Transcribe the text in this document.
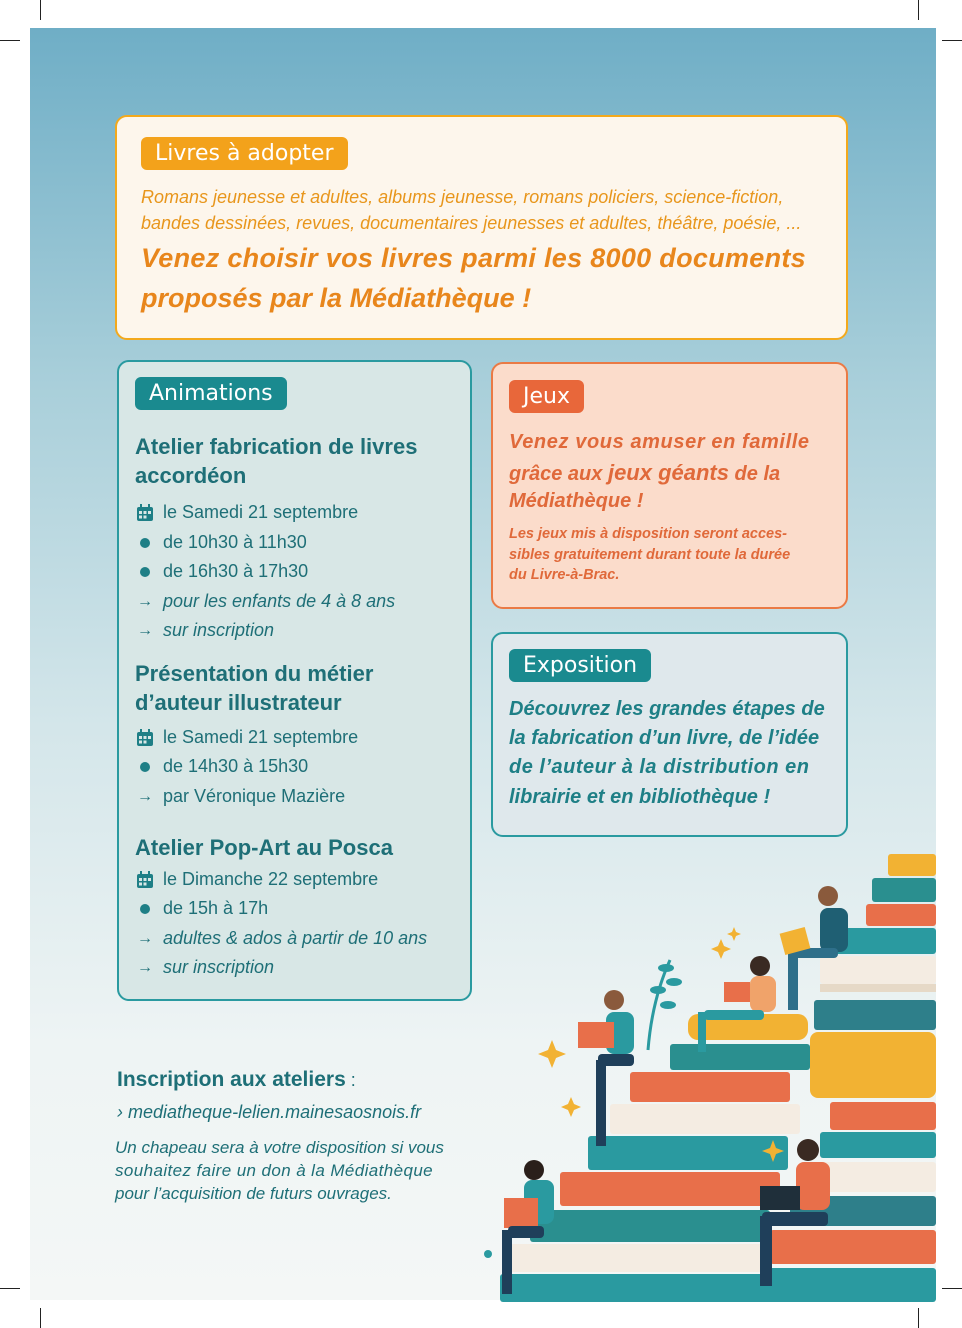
Livres à adopter
Romans jeunesse et adultes, albums jeunesse, romans policiers, science-fiction,
bandes dessinées, revues, documentaires jeunesses et adultes, théâtre, poésie, ...
Venez choisir vos livres parmi les 8000 documents
proposés par la Médiathèque !
Animations
Atelier fabrication de livres
accordéon
le Samedi 21 septembre
de 10h30 à 11h30
de 16h30 à 17h30
→ pour les enfants de 4 à 8 ans
→ sur inscription
Présentation du métier
d’auteur illustrateur
le Samedi 21 septembre
de 14h30 à 15h30
→ par Véronique Mazière
Atelier Pop-Art au Posca
le Dimanche 22 septembre
de 15h à 17h
→ adultes & ados à partir de 10 ans
→ sur inscription
Jeux
Venez vous amuser en famille
grâce aux jeux géants de la
Médiathèque !
Les jeux mis à disposition seront acces-
sibles gratuitement durant toute la durée
du Livre-à-Brac.
Exposition
Découvrez les grandes étapes de
la fabrication d’un livre, de l’idée
de l’auteur à la distribution en
librairie et en bibliothèque !
Inscription aux ateliers :
› mediatheque-lelien.mainesaosnois.fr
Un chapeau sera à votre disposition si vous
souhaitez faire un don à la Médiathèque
pour l’acquisition de futurs ouvrages.
